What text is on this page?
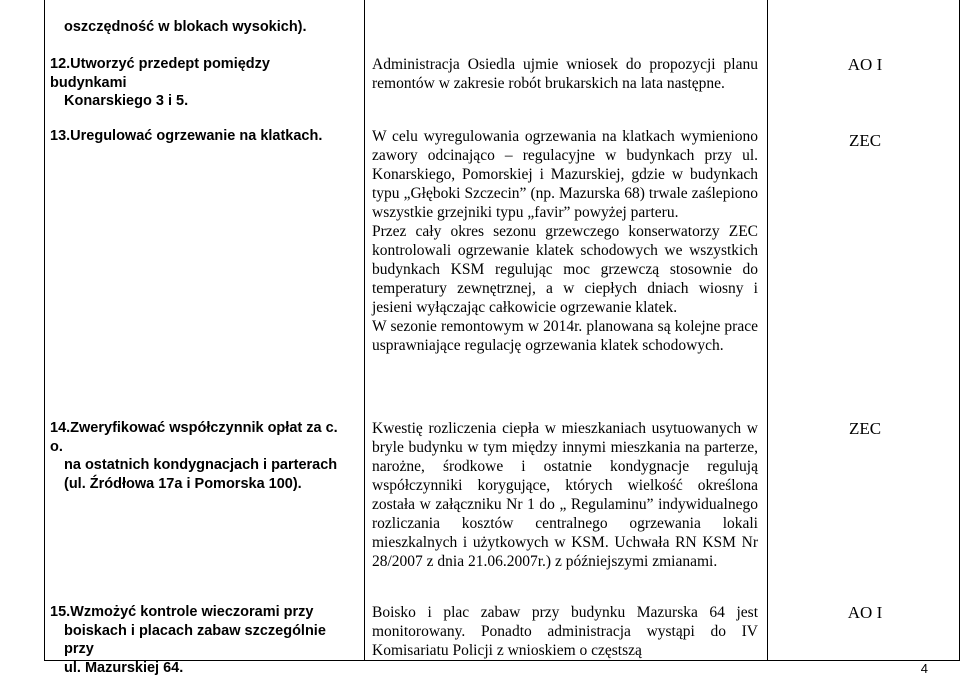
oszczędność w blokach wysokich).
12.Utworzyć przedept pomiędzy budynkami
Konarskiego 3 i 5.

Administracja Osiedla ujmie wniosek do propozycji planu remontów w zakresie robót brukarskich na lata następne.

AO I
13.Uregulować ogrzewanie na klatkach.	W celu wyregulowania ogrzewania na klatkach wymieniono zawory odcinająco – regulacyjne w budynkach przy ul. Konarskiego, Pomorskiej i Mazurskiej, gdzie w budynkach typu „Głęboki Szczecin” (np. Mazurska 68) trwale zaślepiono wszystkie grzejniki typu „favir” powyżej parteru.

Przez cały okres sezonu grzewczego konserwatorzy ZEC kontrolowali ogrzewanie klatek schodowych we wszystkich budynkach KSM regulując moc grzewczą stosownie do temperatury zewnętrznej, a w ciepłych dniach wiosny i jesieni wyłączając całkowicie ogrzewanie klatek.

W sezonie remontowym w 2014r. planowana są kolejne prace usprawniające regulację ogrzewania klatek schodowych.

ZEC
14.Zweryfikować współczynnik opłat za c. o.
na ostatnich kondygnacjach i parterach
(ul. Źródłowa 17a i Pomorska 100).

Kwestię rozliczenia ciepła w mieszkaniach usytuowanych w bryle budynku w tym między innymi mieszkania na parterze, narożne, środkowe i ostatnie kondygnacje regulują współczynniki korygujące, których wielkość określona została w załączniku Nr 1 do „ Regulaminu” indywidualnego rozliczania kosztów centralnego ogrzewania lokali mieszkalnych i użytkowych w KSM. Uchwała RN KSM Nr 28/2007 z dnia 21.06.2007r.) z późniejszymi zmianami.

ZEC
15.Wzmożyć kontrole wieczorami przy
boiskach i placach zabaw szczególnie przy
ul. Mazurskiej 64.

Boisko i plac zabaw przy budynku Mazurska 64 jest monitorowany. Ponadto administracja wystąpi do IV Komisariatu Policji z wnioskiem o częstszą

AO I
4
